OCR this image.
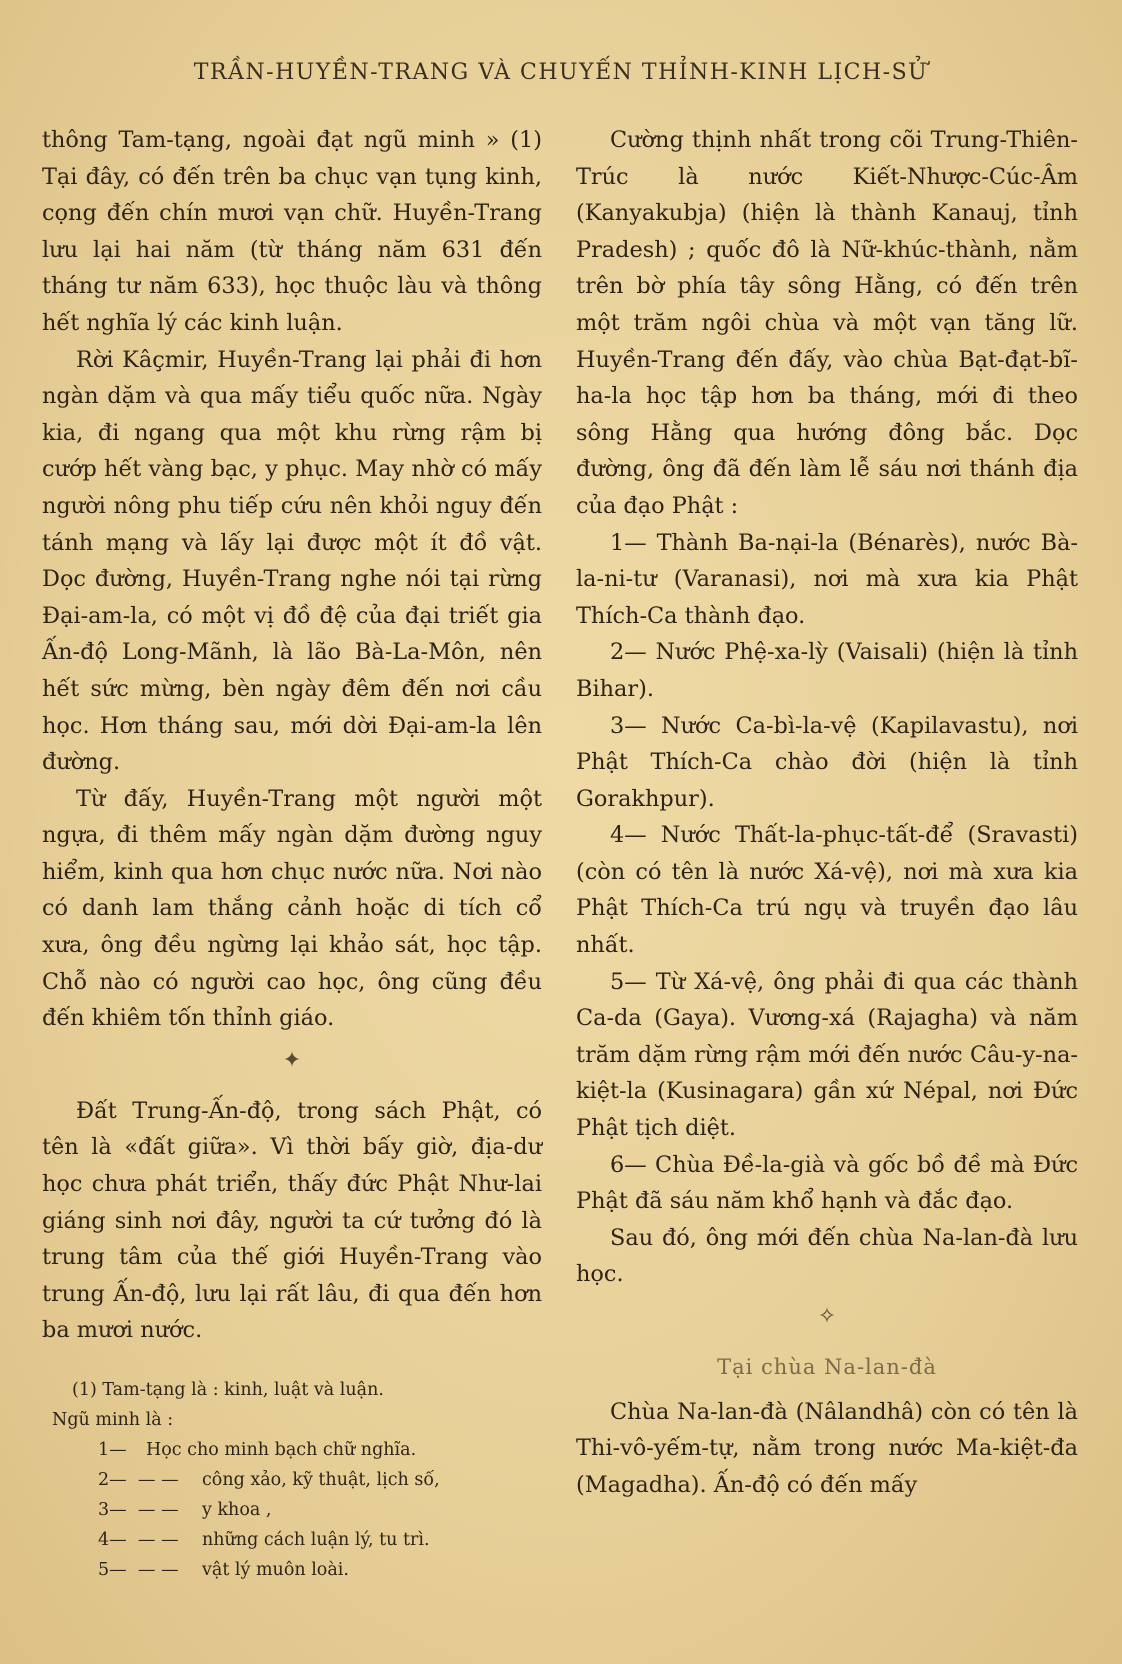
TRẦN-HUYỀN-TRANG VÀ CHUYẾN THỈNH-KINH LỊCH-SỬ

thông Tam-tạng, ngoài đạt ngũ minh » (1) Tại đây, có đến trên ba chục vạn tụng kinh, cọng đến chín mươi vạn chữ. Huyền-Trang lưu lại hai năm (từ tháng năm 631 đến tháng tư năm 633), học thuộc làu và thông hết nghĩa lý các kinh luận.

Rời Kâçmir, Huyền-Trang lại phải đi hơn ngàn dặm và qua mấy tiểu quốc nữa. Ngày kia, đi ngang qua một khu rừng rậm bị cướp hết vàng bạc, y phục. May nhờ có mấy người nông phu tiếp cứu nên khỏi nguy đến tánh mạng và lấy lại được một ít đồ vật. Dọc đường, Huyền-Trang nghe nói tại rừng Đại-am-la, có một vị đồ đệ của đại triết gia Ấn-độ Long-Mãnh, là lão Bà-La-Môn, nên hết sức mừng, bèn ngày đêm đến nơi cầu học. Hơn tháng sau, mới dời Đại-am-la lên đường.

Từ đấy, Huyền-Trang một người một ngựa, đi thêm mấy ngàn dặm đường nguy hiểm, kinh qua hơn chục nước nữa. Nơi nào có danh lam thắng cảnh hoặc di tích cổ xưa, ông đều ngừng lại khảo sát, học tập. Chỗ nào có người cao học, ông cũng đều đến khiêm tốn thỉnh giáo.

✦

Đất Trung-Ấn-độ, trong sách Phật, có tên là «đất giữa». Vì thời bấy giờ, địa-dư học chưa phát triển, thấy đức Phật Như-lai giáng sinh nơi đây, người ta cứ tưởng đó là trung tâm của thế giới Huyền-Trang vào trung Ấn-độ, lưu lại rất lâu, đi qua đến hơn ba mươi nước.

(1) Tam-tạng là : kinh, luật và luận.
Ngũ minh là :
1—	Học cho minh bạch chữ nghĩa.
2— — —	công xảo, kỹ thuật, lịch số,
3— — —	y khoa ,
4— — —	những cách luận lý, tu trì.
5— — —	vật lý muôn loài.

Cường thịnh nhất trong cõi Trung-Thiên-Trúc là nước Kiết-Nhược-Cúc-Âm (Kanyakubja) (hiện là thành Kanauj, tỉnh Pradesh) ; quốc đô là Nữ-khúc-thành, nằm trên bờ phía tây sông Hằng, có đến trên một trăm ngôi chùa và một vạn tăng lữ. Huyền-Trang đến đấy, vào chùa Bạt-đạt-bĩ-ha-la học tập hơn ba tháng, mới đi theo sông Hằng qua hướng đông bắc. Dọc đường, ông đã đến làm lễ sáu nơi thánh địa của đạo Phật :

1— Thành Ba-nại-la (Bénarès), nước Bà-la-ni-tư (Varanasi), nơi mà xưa kia Phật Thích-Ca thành đạo.

2— Nước Phệ-xa-lỳ (Vaisali) (hiện là tỉnh Bihar).

3— Nước Ca-bì-la-vệ (Kapilavastu), nơi Phật Thích-Ca chào đời (hiện là tỉnh Gorakhpur).

4— Nước Thất-la-phục-tất-để (Sravasti) (còn có tên là nước Xá-vệ), nơi mà xưa kia Phật Thích-Ca trú ngụ và truyền đạo lâu nhất.

5— Từ Xá-vệ, ông phải đi qua các thành Ca-da (Gaya). Vương-xá (Rajagha) và năm trăm dặm rừng rậm mới đến nước Câu-y-na-kiệt-la (Kusinagara) gần xứ Népal, nơi Đức Phật tịch diệt.

6— Chùa Đề-la-già và gốc bồ đề mà Đức Phật đã sáu năm khổ hạnh và đắc đạo.

Sau đó, ông mới đến chùa Na-lan-đà lưu học.

✧
Tại chùa Na-lan-đà

Chùa Na-lan-đà (Nâlandhâ) còn có tên là Thi-vô-yếm-tự, nằm trong nước Ma-kiệt-đa (Magadha). Ấn-độ có đến mấy
